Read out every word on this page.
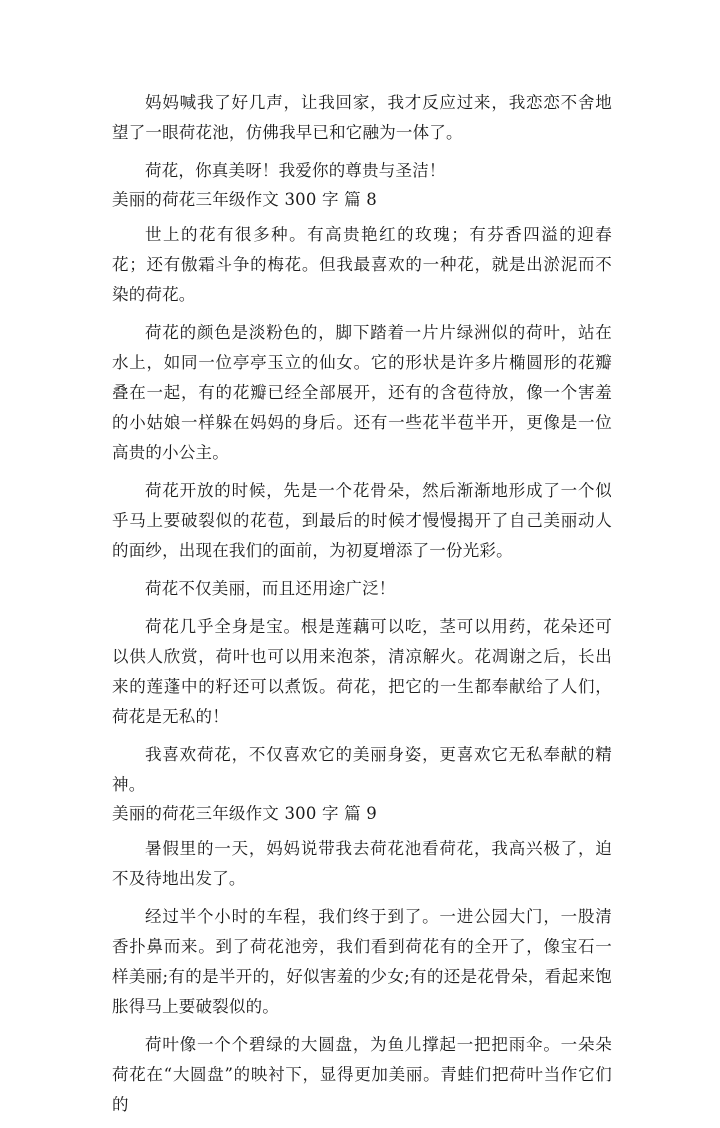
妈妈喊我了好几声，让我回家，我才反应过来，我恋恋不舍地望了一眼荷花池，仿佛我早已和它融为一体了。

荷花，你真美呀！我爱你的尊贵与圣洁！

美丽的荷花三年级作文 300 字 篇 8

世上的花有很多种。有高贵艳红的玫瑰；有芬香四溢的迎春花；还有傲霜斗争的梅花。但我最喜欢的一种花，就是出淤泥而不染的荷花。

荷花的颜色是淡粉色的，脚下踏着一片片绿洲似的荷叶，站在水上，如同一位亭亭玉立的仙女。它的形状是许多片椭圆形的花瓣叠在一起，有的花瓣已经全部展开，还有的含苞待放，像一个害羞的小姑娘一样躲在妈妈的身后。还有一些花半苞半开，更像是一位高贵的小公主。

荷花开放的时候，先是一个花骨朵，然后渐渐地形成了一个似乎马上要破裂似的花苞，到最后的时候才慢慢揭开了自己美丽动人的面纱，出现在我们的面前，为初夏增添了一份光彩。

荷花不仅美丽，而且还用途广泛！

荷花几乎全身是宝。根是莲藕可以吃，茎可以用药，花朵还可以供人欣赏，荷叶也可以用来泡茶，清凉解火。花凋谢之后，长出来的莲蓬中的籽还可以煮饭。荷花，把它的一生都奉献给了人们，荷花是无私的！

我喜欢荷花，不仅喜欢它的美丽身姿，更喜欢它无私奉献的精神。

美丽的荷花三年级作文 300 字 篇 9

暑假里的一天，妈妈说带我去荷花池看荷花，我高兴极了，迫不及待地出发了。

经过半个小时的车程，我们终于到了。一进公园大门，一股清香扑鼻而来。到了荷花池旁，我们看到荷花有的全开了，像宝石一样美丽;有的是半开的，好似害羞的少女;有的还是花骨朵，看起来饱胀得马上要破裂似的。

荷叶像一个个碧绿的大圆盘，为鱼儿撑起一把把雨伞。一朵朵荷花在“大圆盘”的映衬下，显得更加美丽。青蛙们把荷叶当作它们的
